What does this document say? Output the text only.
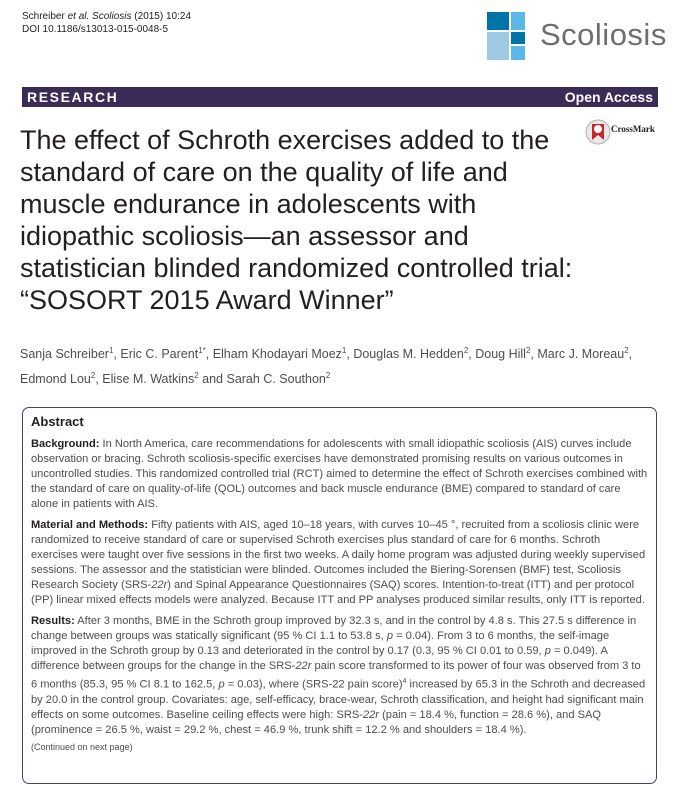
Schreiber et al. Scoliosis (2015) 10:24
DOI 10.1186/s13013-015-0048-5	Scoliosis
RESEARCH	Open Access
CrossMark
The effect of Schroth exercises added to the standard of care on the quality of life and muscle endurance in adolescents with idiopathic scoliosis—an assessor and statistician blinded randomized controlled trial: “SOSORT 2015 Award Winner”
Sanja Schreiber$^1$, Eric C. Parent$^{1*}$, Elham Khodayari Moez$^1$, Douglas M. Hedden$^2$, Doug Hill$^2$, Marc J. Moreau$^2$, Edmond Lou$^2$, Elise M. Watkins$^2$ and Sarah C. Southon$^2$
Abstract

Background: In North America, care recommendations for adolescents with small idiopathic scoliosis (AIS) curves include observation or bracing. Schroth scoliosis-specific exercises have demonstrated promising results on various outcomes in uncontrolled studies. This randomized controlled trial (RCT) aimed to determine the effect of Schroth exercises combined with the standard of care on quality-of-life (QOL) outcomes and back muscle endurance (BME) compared to standard of care alone in patients with AIS.

Material and Methods: Fifty patients with AIS, aged 10–18 years, with curves 10–45 °, recruited from a scoliosis clinic were randomized to receive standard of care or supervised Schroth exercises plus standard of care for 6 months. Schroth exercises were taught over five sessions in the first two weeks. A daily home program was adjusted during weekly supervised sessions. The assessor and the statistician were blinded. Outcomes included the Biering-Sorensen (BMF) test, Scoliosis Research Society (SRS-22r) and Spinal Appearance Questionnaires (SAQ) scores. Intention-to-treat (ITT) and per protocol (PP) linear mixed effects models were analyzed. Because ITT and PP analyses produced similar results, only ITT is reported.

Results: After 3 months, BME in the Schroth group improved by 32.3 s, and in the control by 4.8 s. This 27.5 s difference in change between groups was statically significant (95 % CI 1.1 to 53.8 s, p = 0.04). From 3 to 6 months, the self-image improved in the Schroth group by 0.13 and deteriorated in the control by 0.17 (0.3, 95 % CI 0.01 to 0.59, p = 0.049). A difference between groups for the change in the SRS-22r pain score transformed to its power of four was observed from 3 to 6 months (85.3, 95 % CI 8.1 to 162.5, p = 0.03), where (SRS-22 pain score)$^4$ increased by 65.3 in the Schroth and decreased by 20.0 in the control group. Covariates: age, self-efficacy, brace-wear, Schroth classification, and height had significant main effects on some outcomes. Baseline ceiling effects were high: SRS-22r (pain = 18.4 %, function = 28.6 %), and SAQ (prominence = 26.5 %, waist = 29.2 %, chest = 46.9 %, trunk shift = 12.2 % and shoulders = 18.4 %).

(Continued on next page)
